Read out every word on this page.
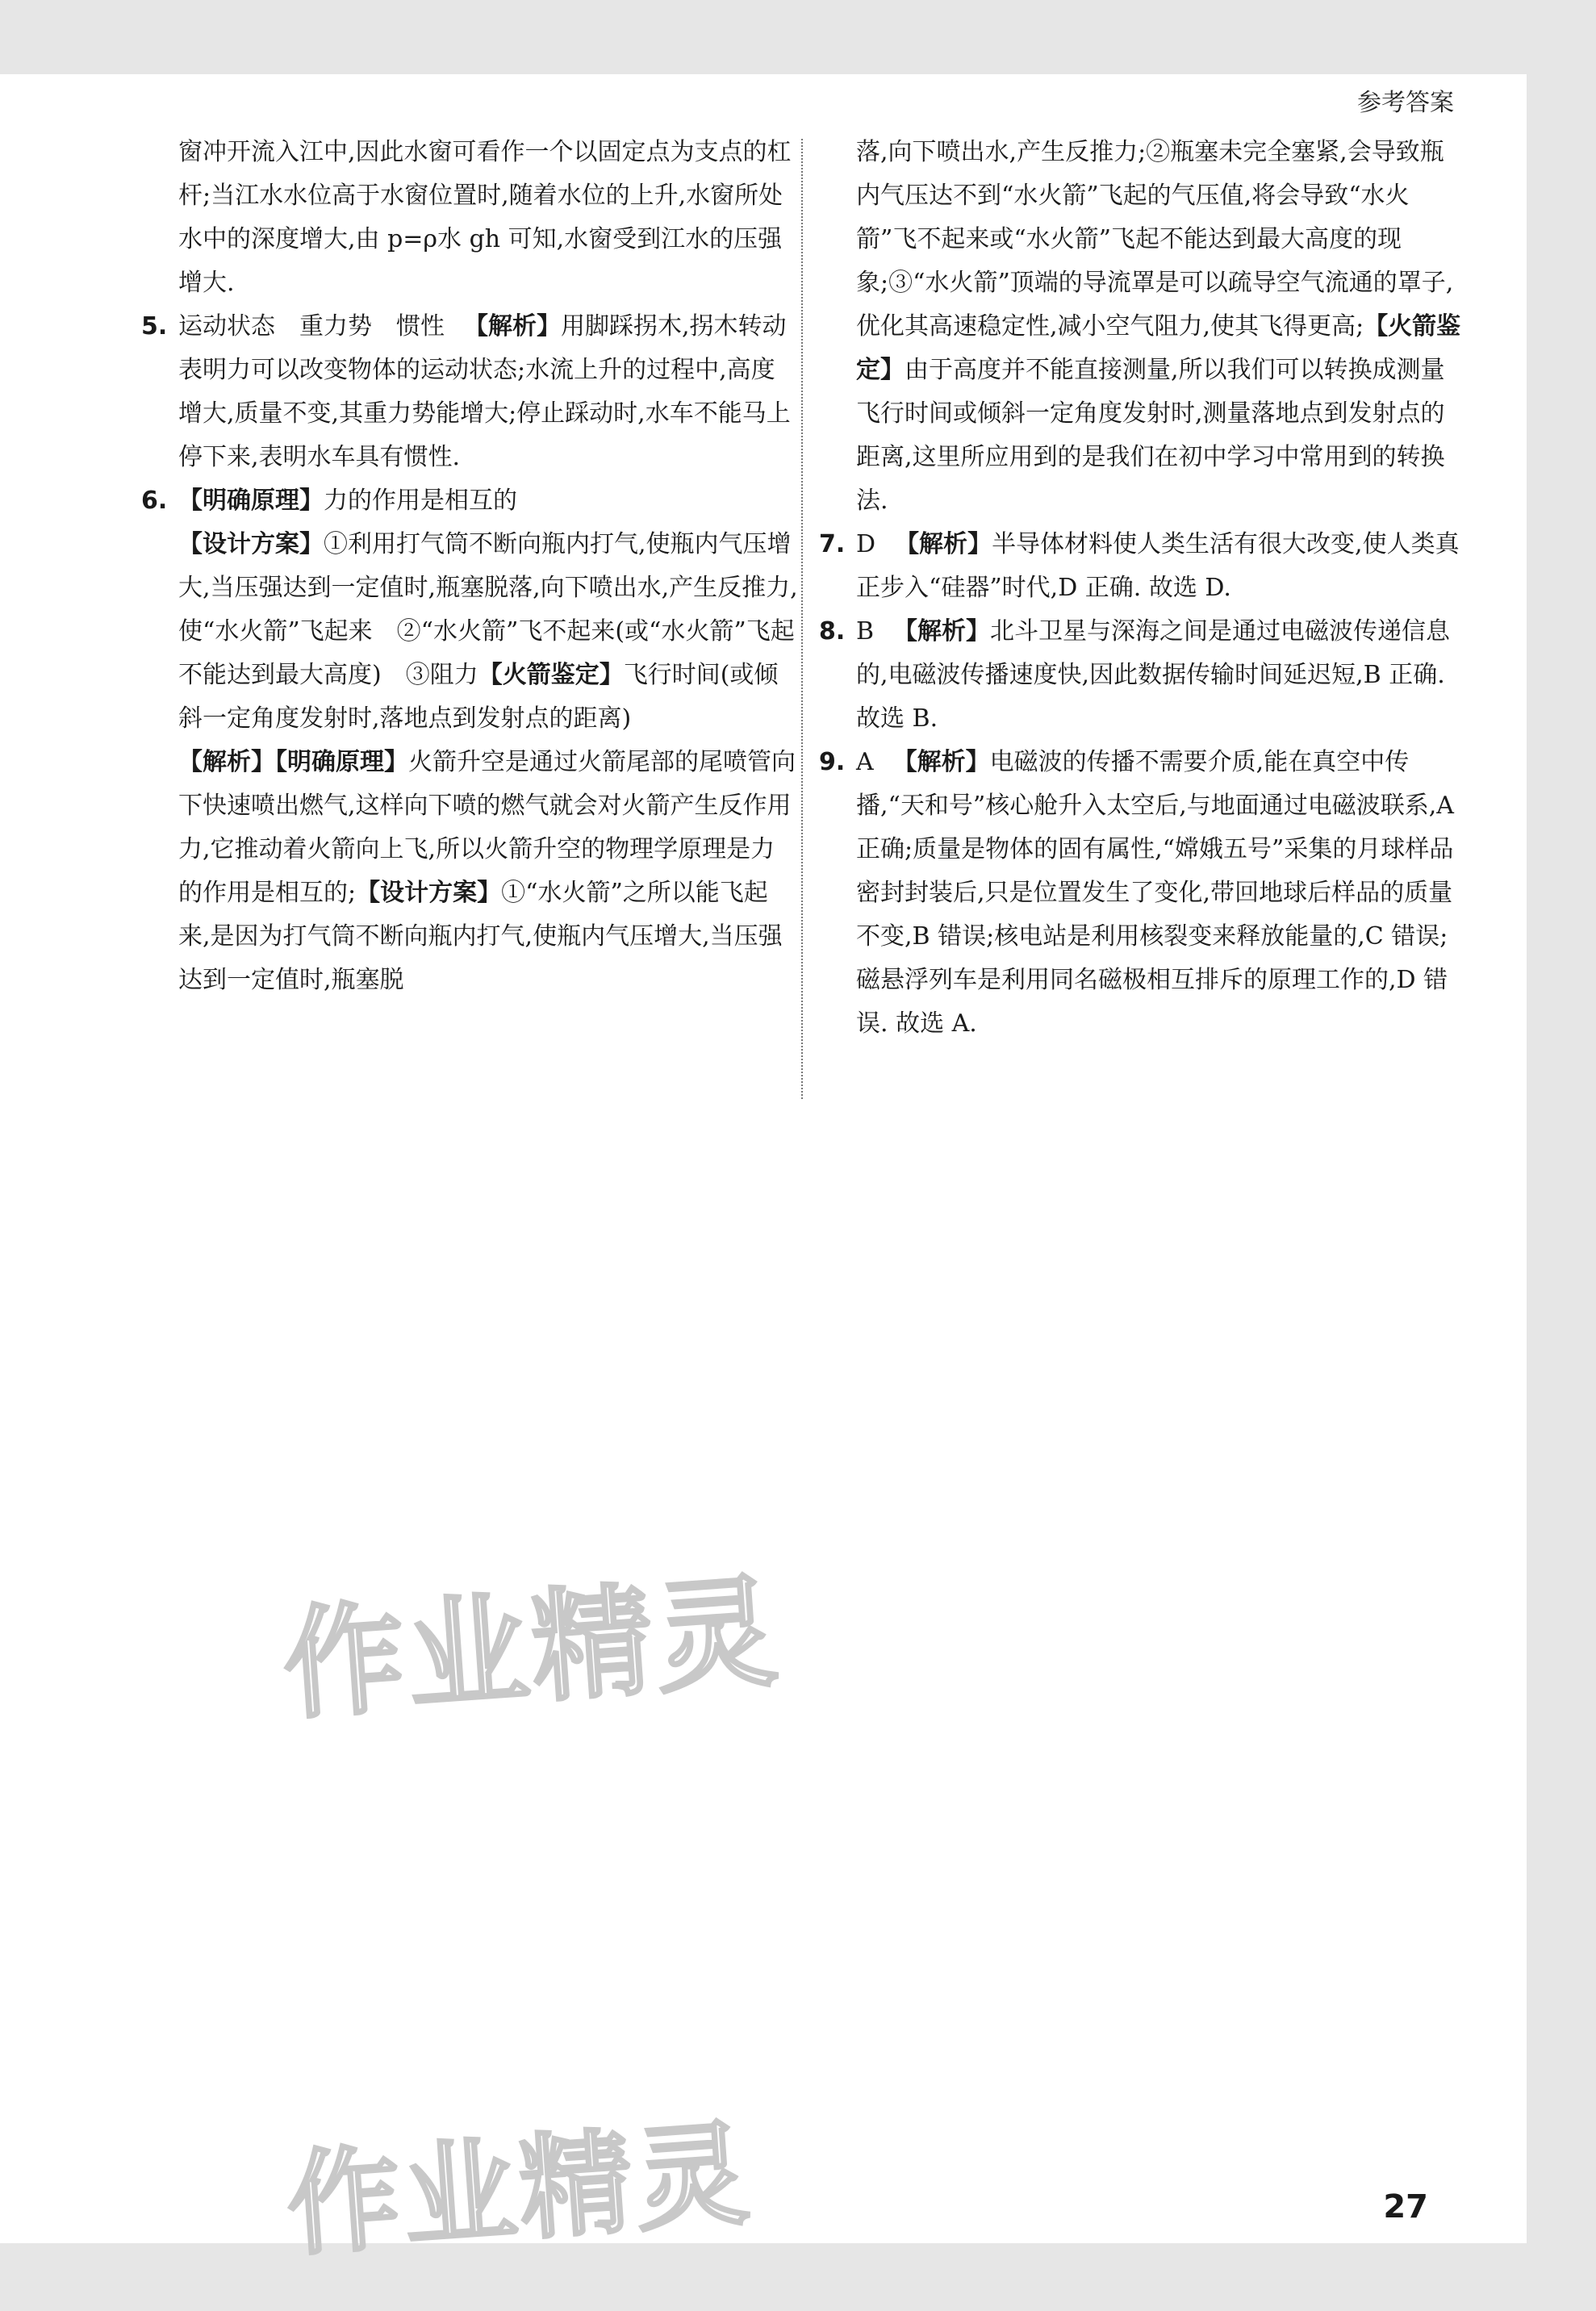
参考答案

窗冲开流入江中,因此水窗可看作一个以固定点为支点的杠杆;当江水水位高于水窗位置时,随着水位的上升,水窗所处水中的深度增大,由 p=ρ水 gh 可知,水窗受到江水的压强增大.

5. 运动状态　重力势　惯性 【解析】用脚踩拐木,拐木转动表明力可以改变物体的运动状态;水流上升的过程中,高度增大,质量不变,其重力势能增大;停止踩动时,水车不能马上停下来,表明水车具有惯性.
6. 【明确原理】力的作用是相互的

【设计方案】①利用打气筒不断向瓶内打气,使瓶内气压增大,当压强达到一定值时,瓶塞脱落,向下喷出水,产生反推力,使“水火箭”飞起来　②“水火箭”飞不起来(或“水火箭”飞起不能达到最大高度)　③阻力【火箭鉴定】飞行时间(或倾斜一定角度发射时,落地点到发射点的距离)

【解析】【明确原理】火箭升空是通过火箭尾部的尾喷管向下快速喷出燃气,这样向下喷的燃气就会对火箭产生反作用力,它推动着火箭向上飞,所以火箭升空的物理学原理是力的作用是相互的;【设计方案】①“水火箭”之所以能飞起来,是因为打气筒不断向瓶内打气,使瓶内气压增大,当压强达到一定值时,瓶塞脱

落,向下喷出水,产生反推力;②瓶塞未完全塞紧,会导致瓶内气压达不到“水火箭”飞起的气压值,将会导致“水火箭”飞不起来或“水火箭”飞起不能达到最大高度的现象;③“水火箭”顶端的导流罩是可以疏导空气流通的罩子,优化其高速稳定性,减小空气阻力,使其飞得更高;【火箭鉴定】由于高度并不能直接测量,所以我们可以转换成测量飞行时间或倾斜一定角度发射时,测量落地点到发射点的距离,这里所应用到的是我们在初中学习中常用到的转换法.

7. D 【解析】半导体材料使人类生活有很大改变,使人类真正步入“硅器”时代,D 正确. 故选 D.
8. B 【解析】北斗卫星与深海之间是通过电磁波传递信息的,电磁波传播速度快,因此数据传输时间延迟短,B 正确. 故选 B.
9. A 【解析】电磁波的传播不需要介质,能在真空中传播,“天和号”核心舱升入太空后,与地面通过电磁波联系,A 正确;质量是物体的固有属性,“嫦娥五号”采集的月球样品密封封装后,只是位置发生了变化,带回地球后样品的质量不变,B 错误;核电站是利用核裂变来释放能量的,C 错误;磁悬浮列车是利用同名磁极相互排斥的原理工作的,D 错误. 故选 A.
作业精灵
作业精灵	27
